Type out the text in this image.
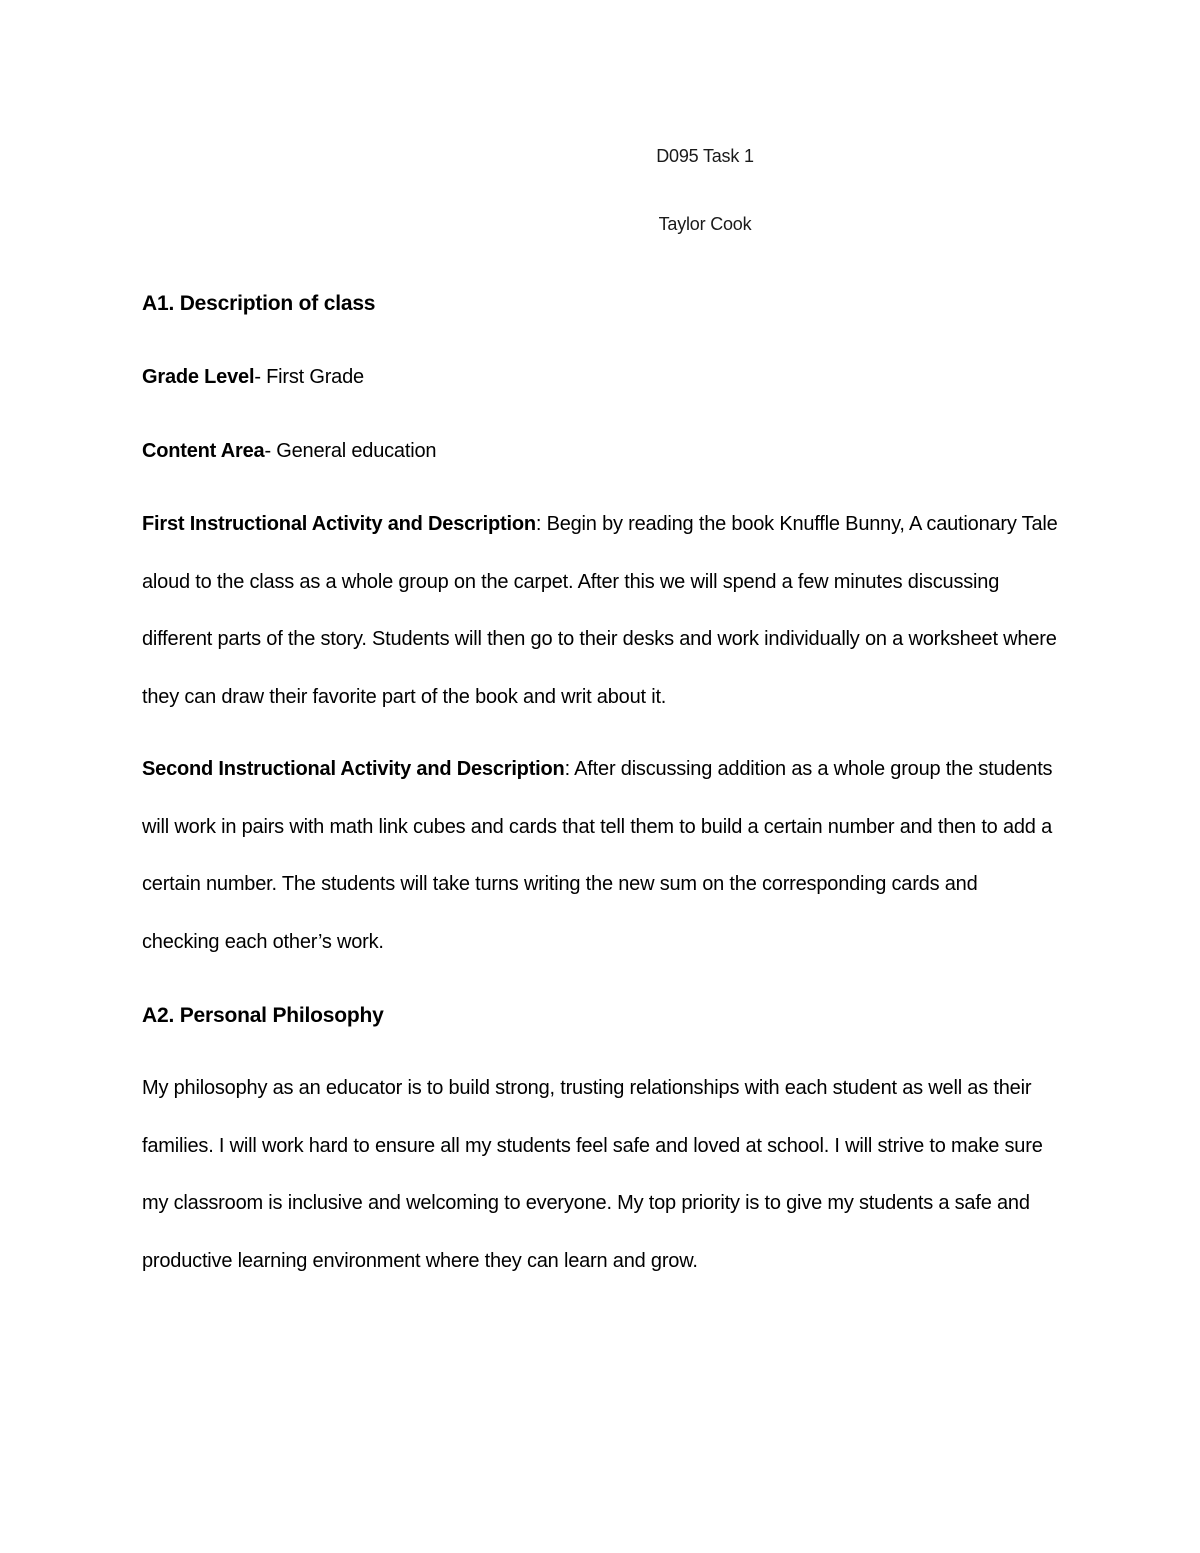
D095 Task 1
Taylor Cook
A1. Description of class
Grade Level- First Grade
Content Area- General education
First Instructional Activity and Description: Begin by reading the book Knuffle Bunny, A cautionary Tale aloud to the class as a whole group on the carpet. After this we will spend a few minutes discussing different parts of the story. Students will then go to their desks and work individually on a worksheet where they can draw their favorite part of the book and writ about it.
Second Instructional Activity and Description: After discussing addition as a whole group the students will work in pairs with math link cubes and cards that tell them to build a certain number and then to add a certain number. The students will take turns writing the new sum on the corresponding cards and checking each other’s work.
A2. Personal Philosophy
My philosophy as an educator is to build strong, trusting relationships with each student as well as their families. I will work hard to ensure all my students feel safe and loved at school. I will strive to make sure my classroom is inclusive and welcoming to everyone. My top priority is to give my students a safe and productive learning environment where they can learn and grow.
